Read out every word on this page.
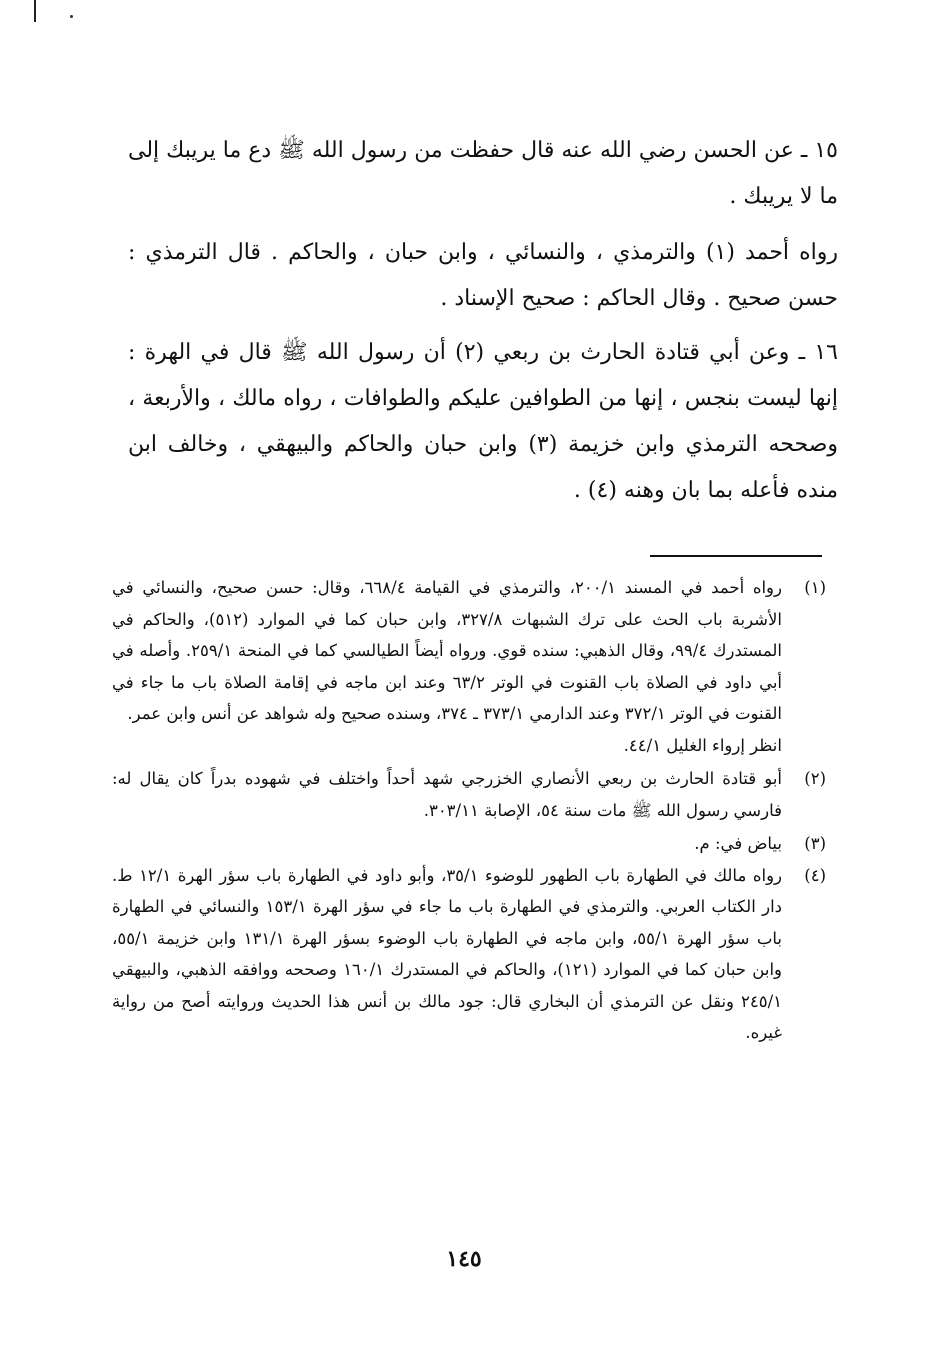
١٥ ـ عن الحسن رضي الله عنه قال حفظت من رسول الله ﷺ دع ما يريبك إلى ما لا يريبك .

رواه أحمد (١) والترمذي ، والنسائي ، وابن حبان ، والحاكم . قال الترمذي : حسن صحيح . وقال الحاكم : صحيح الإسناد .

١٦ ـ وعن أبي قتادة الحارث بن ربعي (٢) أن رسول الله ﷺ قال في الهرة : إنها ليست بنجس ، إنها من الطوافين عليكم والطوافات ، رواه مالك ، والأربعة ، وصححه الترمذي وابن خزيمة (٣) وابن حبان والحاكم والبيهقي ، وخالف ابن منده فأعله بما بان وهنه (٤) .

(١)

رواه أحمد في المسند ٢٠٠/١، والترمذي في القيامة ٦٦٨/٤، وقال: حسن صحيح، والنسائي في الأشربة باب الحث على ترك الشبهات ٣٢٧/٨، وابن حبان كما في الموارد (٥١٢)، والحاكم في المستدرك ٩٩/٤، وقال الذهبي: سنده قوي. ورواه أيضاً الطيالسي كما في المنحة ٢٥٩/١. وأصله في أبي داود في الصلاة باب القنوت في الوتر ٦٣/٢ وعند ابن ماجه في إقامة الصلاة باب ما جاء في القنوت في الوتر ٣٧٢/١ وعند الدارمي ٣٧٣/١ ـ ٣٧٤، وسنده صحيح وله شواهد عن أنس وابن عمر.

انظر إرواء الغليل ٤٤/١.

(٢)

أبو قتادة الحارث بن ربعي الأنصاري الخزرجي شهد أحداً واختلف في شهوده بدراً كان يقال له: فارسي رسول الله ﷺ مات سنة ٥٤، الإصابة ٣٠٣/١١.

(٣)

بياض في: م.

(٤)

رواه مالك في الطهارة باب الطهور للوضوء ٣٥/١، وأبو داود في الطهارة باب سؤر الهرة ١٢/١ ط. دار الكتاب العربي. والترمذي في الطهارة باب ما جاء في سؤر الهرة ١٥٣/١ والنسائي في الطهارة باب سؤر الهرة ٥٥/١، وابن ماجه في الطهارة باب الوضوء بسؤر الهرة ١٣١/١ وابن خزيمة ٥٥/١، وابن حبان كما في الموارد (١٢١)، والحاكم في المستدرك ١٦٠/١ وصححه ووافقه الذهبي، والبيهقي ٢٤٥/١ ونقل عن الترمذي أن البخاري قال: جود مالك بن أنس هذا الحديث وروايته أصح من رواية غيره.

١٤٥
